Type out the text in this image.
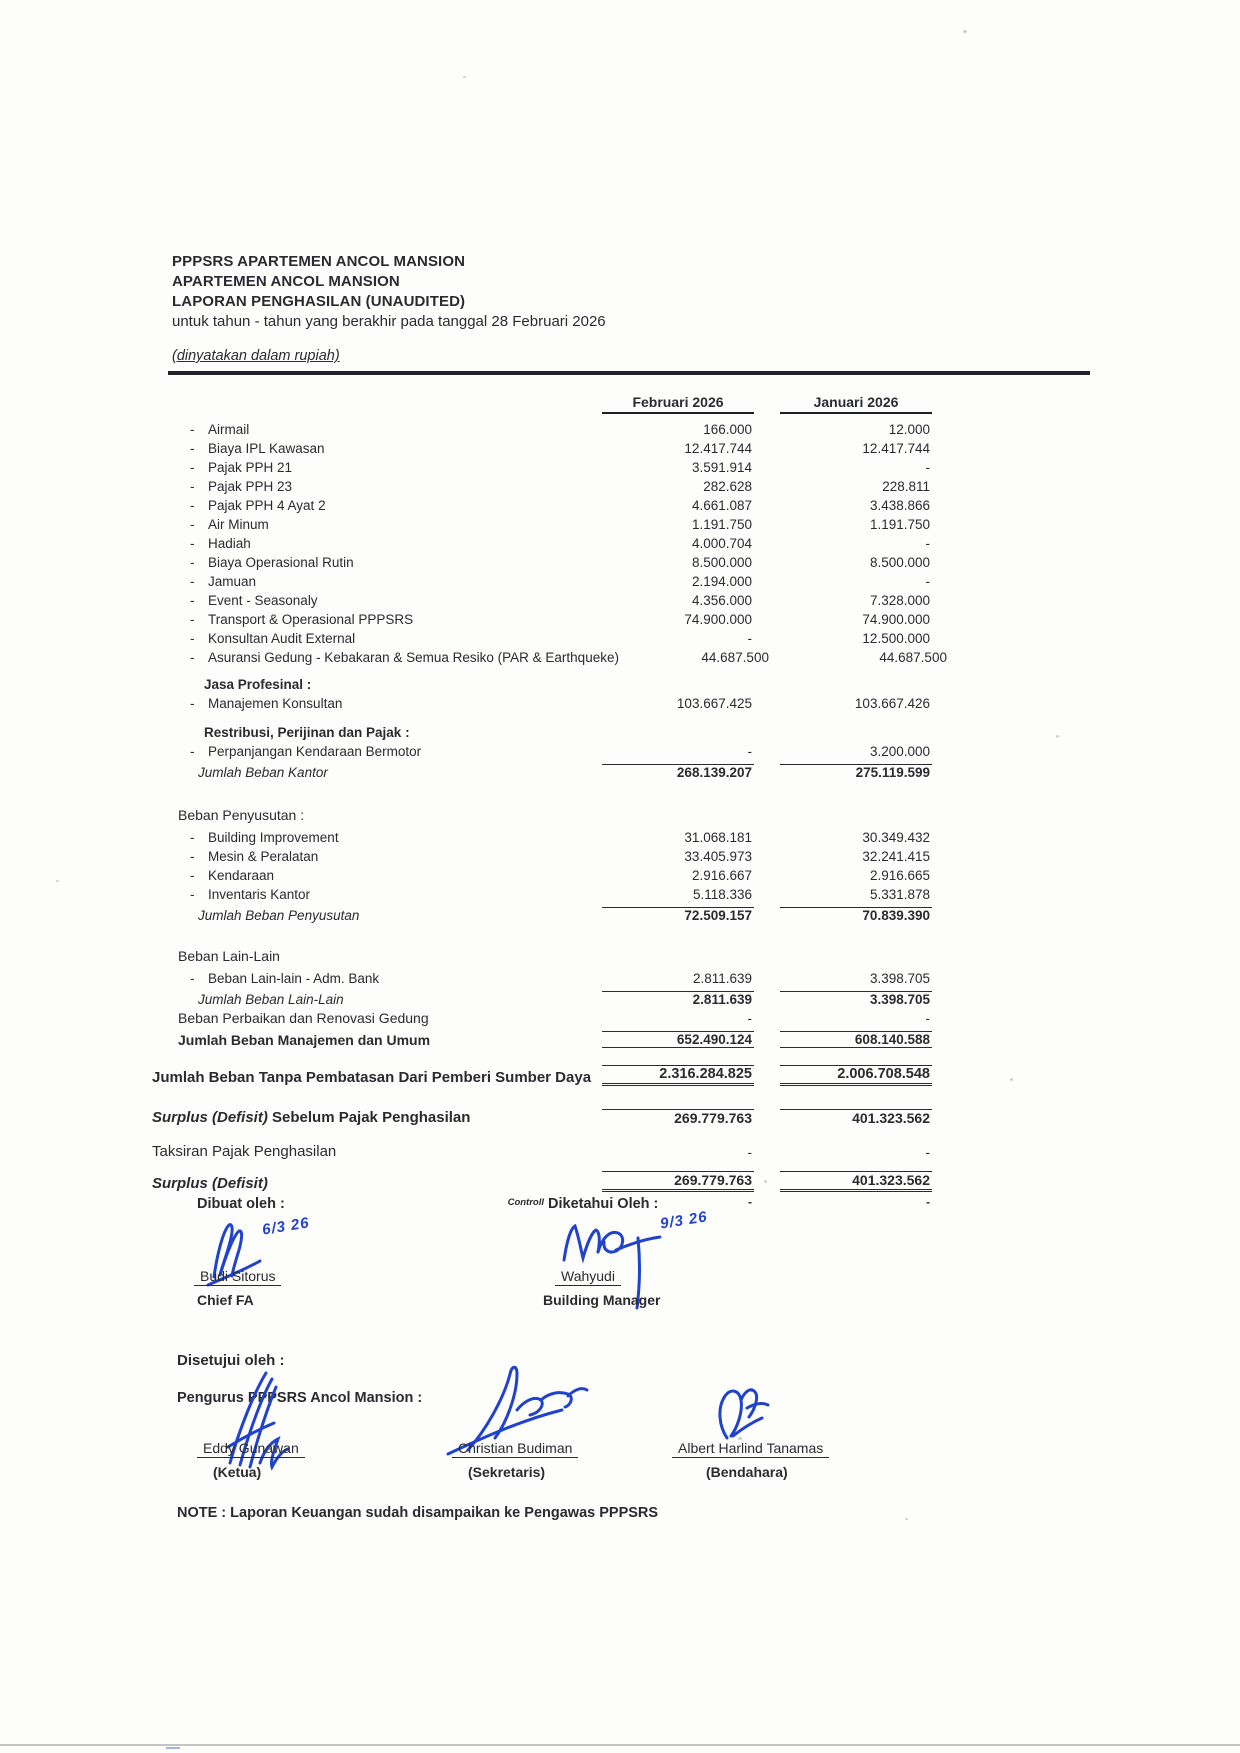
PPPSRS APARTEMEN ANCOL MANSION
APARTEMEN ANCOL MANSION
LAPORAN PENGHASILAN (UNAUDITED)
untuk tahun - tahun yang berakhir pada tanggal 28 Februari 2026
(dinyatakan dalam rupiah)
Februari 2026	Januari 2026
- Airmail	166.000	12.000
- Biaya IPL Kawasan	12.417.744	12.417.744
- Pajak PPH 21	3.591.914	-
- Pajak PPH 23	282.628	228.811
- Pajak PPH 4 Ayat 2	4.661.087	3.438.866
- Air Minum	1.191.750	1.191.750
- Hadiah	4.000.704	-
- Biaya Operasional Rutin	8.500.000	8.500.000
- Jamuan	2.194.000	-
- Event - Seasonaly	4.356.000	7.328.000
- Transport & Operasional PPPSRS	74.900.000	74.900.000
- Konsultan Audit External	-	12.500.000
- Asuransi Gedung - Kebakaran & Semua Resiko (PAR & Earthqueke)	44.687.500	44.687.500
Jasa Profesinal :
- Manajemen Konsultan	103.667.425	103.667.426
Restribusi, Perijinan dan Pajak :
- Perpanjangan Kendaraan Bermotor	-	3.200.000
Jumlah Beban Kantor	268.139.207	275.119.599
Beban Penyusutan :
- Building Improvement	31.068.181	30.349.432
- Mesin & Peralatan	33.405.973	32.241.415
- Kendaraan	2.916.667	2.916.665
- Inventaris Kantor	5.118.336	5.331.878
Jumlah Beban Penyusutan	72.509.157	70.839.390
Beban Lain-Lain
- Beban Lain-lain - Adm. Bank	2.811.639	3.398.705
Jumlah Beban Lain-Lain	2.811.639	3.398.705
Beban Perbaikan dan Renovasi Gedung	-	-
Jumlah Beban Manajemen dan Umum	652.490.124	608.140.588
Jumlah Beban Tanpa Pembatasan Dari Pemberi Sumber Daya	2.316.284.825	2.006.708.548
Surplus (Defisit) Sebelum Pajak Penghasilan	269.779.763	401.323.562
Taksiran Pajak Penghasilan	-	-
Surplus (Defisit)	269.779.763	401.323.562
Controll	-	-
Dibuat oleh :
6/3 26
Budi Sitorus
Chief FA
Diketahui Oleh :
9/3 26
Wahyudi
Building Manager
Disetujui oleh :
Pengurus PPPSRS Ancol Mansion :
Eddy Gunawan
(Ketua)
Christian Budiman
(Sekretaris)
Albert Harlind Tanamas
(Bendahara)
NOTE : Laporan Keuangan sudah disampaikan ke Pengawas PPPSRS
